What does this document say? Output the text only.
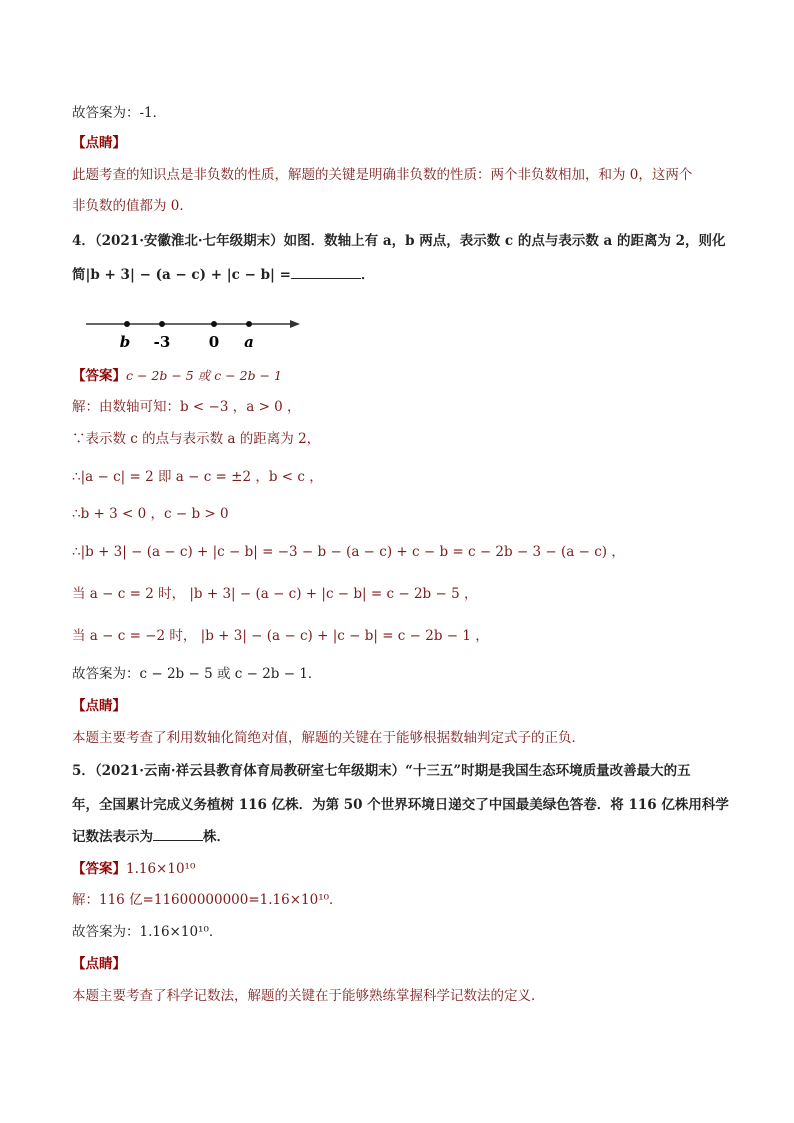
故答案为：-1．
【点睛】
此题考查的知识点是非负数的性质，解题的关键是明确非负数的性质：两个非负数相加，和为 0，这两个
非负数的值都为 0．
4．（2021·安徽淮北·七年级期末）如图．数轴上有 a，b 两点，表示数 c 的点与表示数 a 的距离为 2，则化
简|b + 3| − (a − c) + |c − b| =	．
b -3	0 a
【答案】c − 2b − 5 或 c − 2b − 1
解：由数轴可知：b < −3 ，a > 0 ，
∵表示数 c 的点与表示数 a 的距离为 2，
∴|a − c| = 2 即 a − c = ±2 ，b < c ，
∴b + 3 < 0 ，c − b > 0
∴|b + 3| − (a − c) + |c − b| = −3 − b − (a − c) + c − b = c − 2b − 3 − (a − c) ，
当 a − c = 2 时， |b + 3| − (a − c) + |c − b| = c − 2b − 5 ，
当 a − c = −2 时， |b + 3| − (a − c) + |c − b| = c − 2b − 1 ，
故答案为：c − 2b − 5 或 c − 2b − 1．
【点睛】
本题主要考查了利用数轴化简绝对值，解题的关键在于能够根据数轴判定式子的正负．
5．（2021·云南·祥云县教育体育局教研室七年级期末）“十三五”时期是我国生态环境质量改善最大的五
年，全国累计完成义务植树 116 亿株．为第 50 个世界环境日递交了中国最美绿色答卷．将 116 亿株用科学
记数法表示为	株．
【答案】1.16×10¹⁰
解：116 亿=11600000000=1.16×10¹⁰．
故答案为：1.16×10¹⁰．
【点睛】
本题主要考查了科学记数法，解题的关键在于能够熟练掌握科学记数法的定义．
